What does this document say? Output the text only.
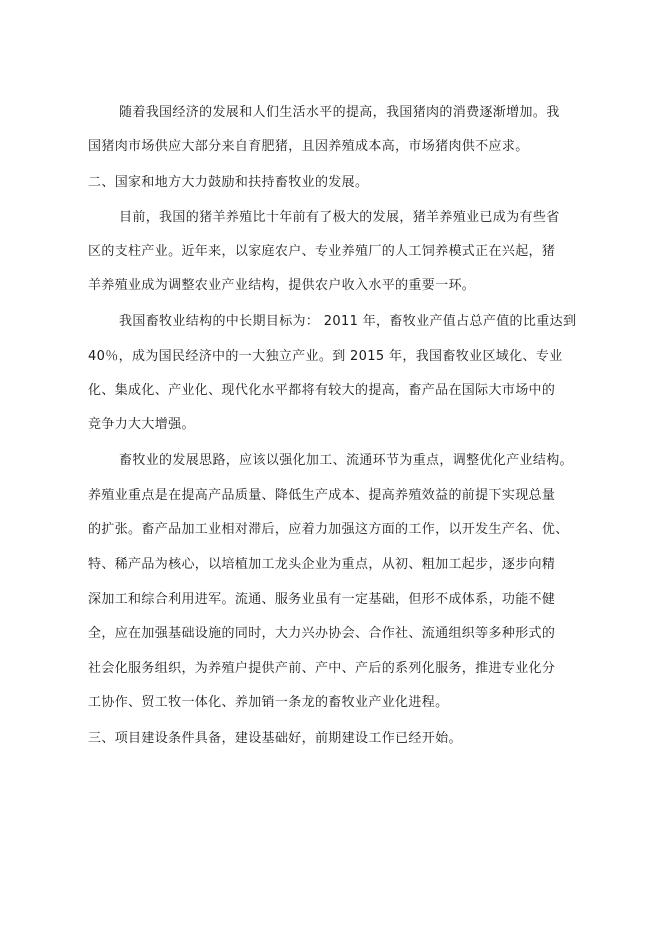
随着我国经济的发展和人们生活水平的提高，我国猪肉的消费逐渐增加。我
国猪肉市场供应大部分来自育肥猪，且因养殖成本高，市场猪肉供不应求。
二、国家和地方大力鼓励和扶持畜牧业的发展。
目前，我国的猪羊养殖比十年前有了极大的发展，猪羊养殖业已成为有些省
区的支柱产业。近年来，以家庭农户、专业养殖厂的人工饲养模式正在兴起，猪
羊养殖业成为调整农业产业结构，提供农户收入水平的重要一环。
我国畜牧业结构的中长期目标为： 2011 年，畜牧业产值占总产值的比重达到
40％，成为国民经济中的一大独立产业。到 2015 年，我国畜牧业区域化、专业
化、集成化、产业化、现代化水平都将有较大的提高，畜产品在国际大市场中的
竞争力大大增强。
畜牧业的发展思路，应该以强化加工、流通环节为重点，调整优化产业结构。
养殖业重点是在提高产品质量、降低生产成本、提高养殖效益的前提下实现总量
的扩张。畜产品加工业相对滞后，应着力加强这方面的工作，以开发生产名、优、
特、稀产品为核心，以培植加工龙头企业为重点，从初、粗加工起步，逐步向精
深加工和综合利用进军。流通、服务业虽有一定基础，但形不成体系，功能不健
全，应在加强基础设施的同时，大力兴办协会、合作社、流通组织等多种形式的
社会化服务组织，为养殖户提供产前、产中、产后的系列化服务，推进专业化分
工协作、贸工牧一体化、养加销一条龙的畜牧业产业化进程。
三、项目建设条件具备，建设基础好，前期建设工作已经开始。
